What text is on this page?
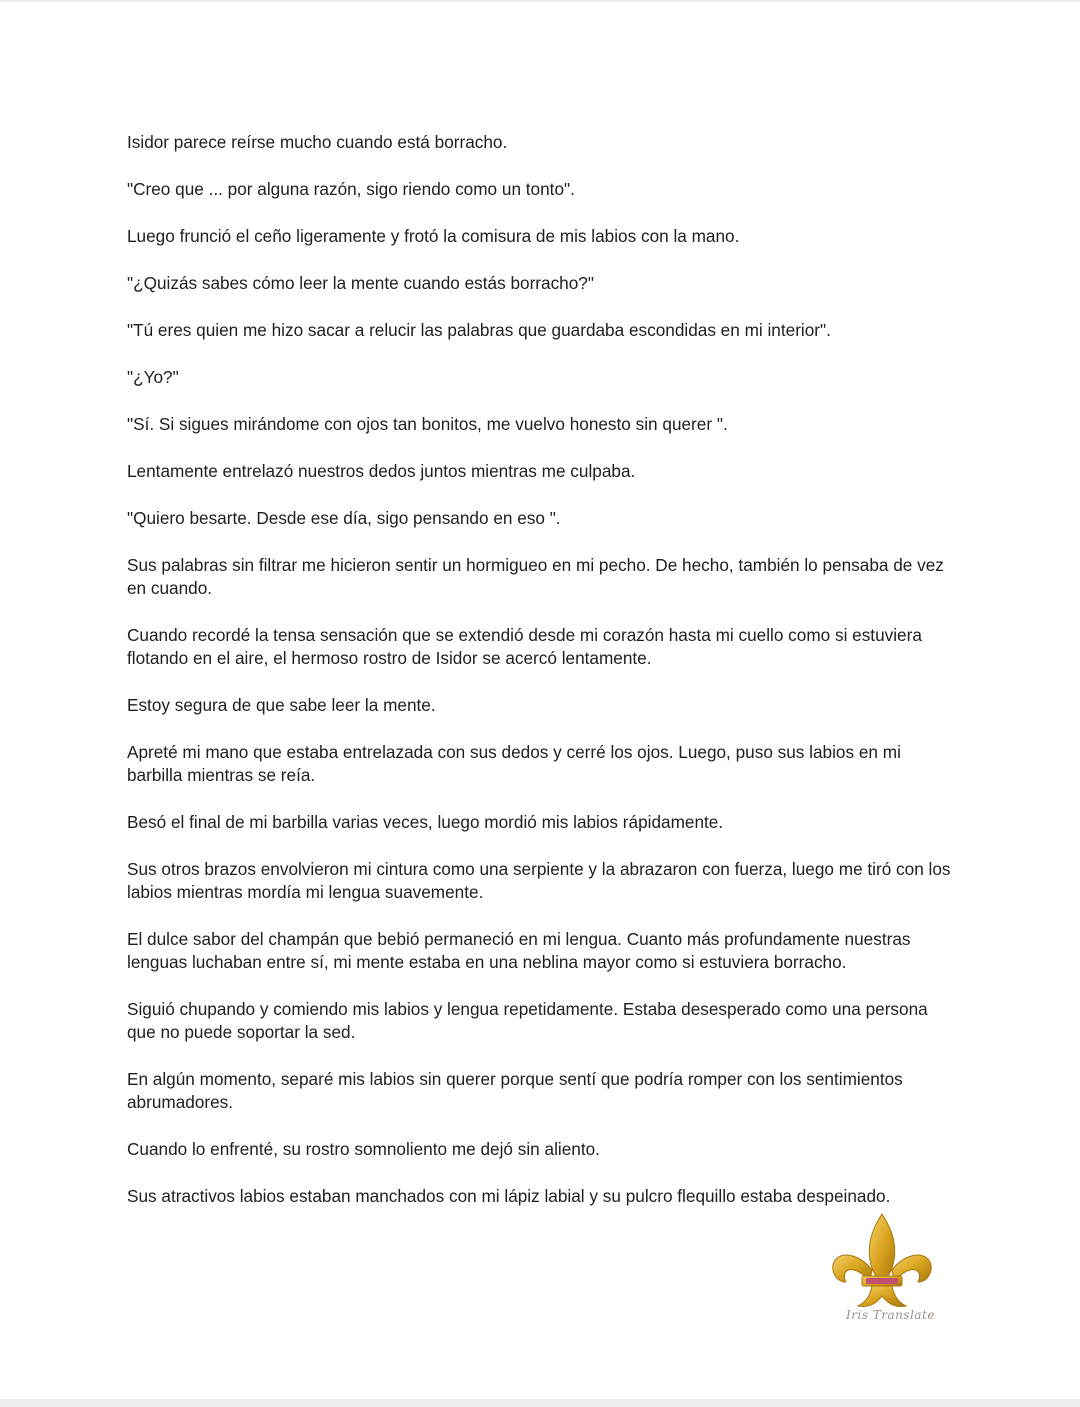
Isidor parece reírse mucho cuando está borracho.

"Creo que ... por alguna razón, sigo riendo como un tonto".

Luego frunció el ceño ligeramente y frotó la comisura de mis labios con la mano.

"¿Quizás sabes cómo leer la mente cuando estás borracho?"

"Tú eres quien me hizo sacar a relucir las palabras que guardaba escondidas en mi interior".

"¿Yo?"

"Sí. Si sigues mirándome con ojos tan bonitos, me vuelvo honesto sin querer ".

Lentamente entrelazó nuestros dedos juntos mientras me culpaba.

"Quiero besarte. Desde ese día, sigo pensando en eso ".

Sus palabras sin filtrar me hicieron sentir un hormigueo en mi pecho. De hecho, también lo pensaba de vez en cuando.

Cuando recordé la tensa sensación que se extendió desde mi corazón hasta mi cuello como si estuviera flotando en el aire, el hermoso rostro de Isidor se acercó lentamente.

Estoy segura de que sabe leer la mente.

Apreté mi mano que estaba entrelazada con sus dedos y cerré los ojos. Luego, puso sus labios en mi barbilla mientras se reía.

Besó el final de mi barbilla varias veces, luego mordió mis labios rápidamente.

Sus otros brazos envolvieron mi cintura como una serpiente y la abrazaron con fuerza, luego me tiró con los labios mientras mordía mi lengua suavemente.

El dulce sabor del champán que bebió permaneció en mi lengua. Cuanto más profundamente nuestras lenguas luchaban entre sí, mi mente estaba en una neblina mayor como si estuviera borracho.

Siguió chupando y comiendo mis labios y lengua repetidamente. Estaba desesperado como una persona que no puede soportar la sed.

En algún momento, separé mis labios sin querer porque sentí que podría romper con los sentimientos abrumadores.

Cuando lo enfrenté, su rostro somnoliento me dejó sin aliento.

Sus atractivos labios estaban manchados con mi lápiz labial y su pulcro flequillo estaba despeinado.

Iris Translate
